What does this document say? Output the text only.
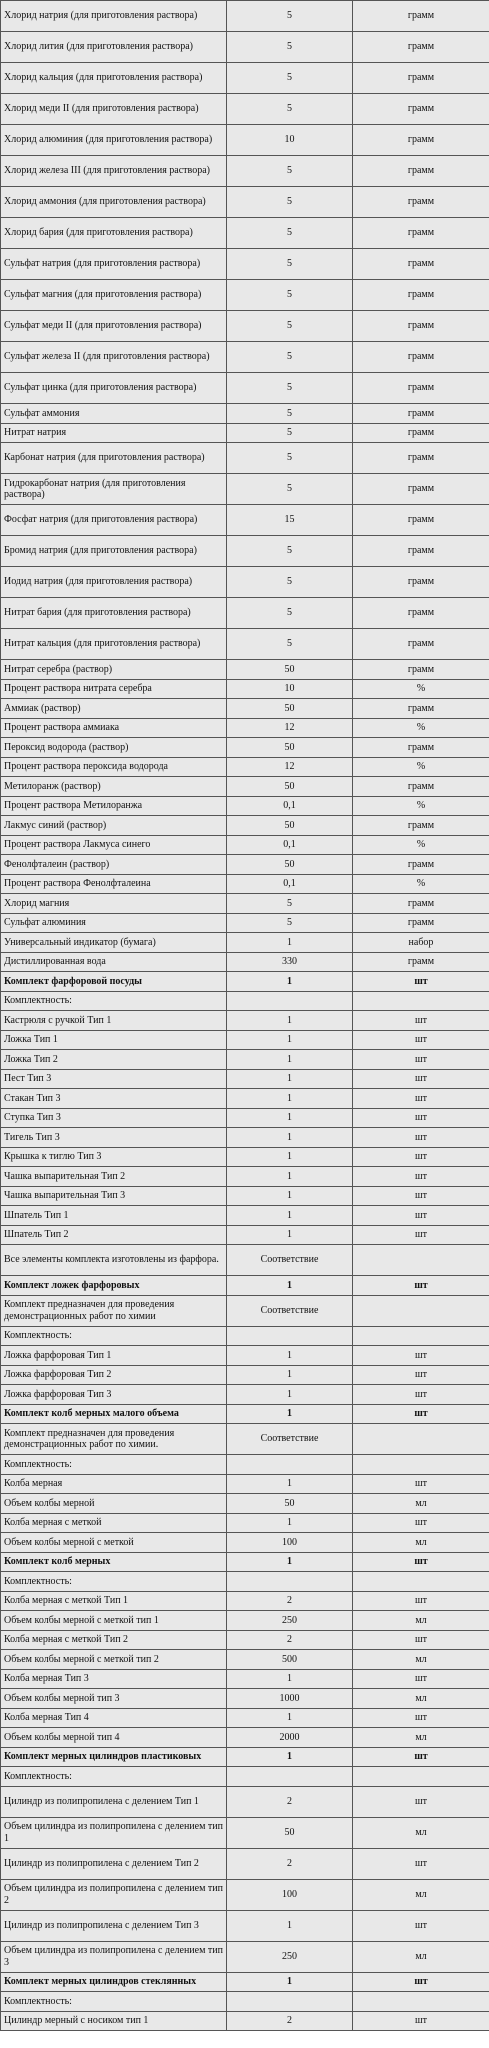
Хлорид натрия (для приготовления раствора)	5	грамм
Хлорид лития (для приготовления раствора)	5	грамм
Хлорид кальция (для приготовления раствора)	5	грамм
Хлорид меди II (для приготовления раствора)	5	грамм
Хлорид алюминия (для приготовления раствора)	10	грамм
Хлорид железа III (для приготовления раствора)	5	грамм
Хлорид аммония (для приготовления раствора)	5	грамм
Хлорид бария (для приготовления раствора)	5	грамм
Сульфат натрия (для приготовления раствора)	5	грамм
Сульфат магния (для приготовления раствора)	5	грамм
Сульфат меди II (для приготовления раствора)	5	грамм
Сульфат железа II (для приготовления раствора)	5	грамм
Сульфат цинка (для приготовления раствора)	5	грамм
Сульфат аммония	5	грамм
Нитрат натрия	5	грамм
Карбонат натрия (для приготовления раствора)	5	грамм
Гидрокарбонат натрия (для приготовления раствора)	5	грамм
Фосфат натрия (для приготовления раствора)	15	грамм
Бромид натрия (для приготовления раствора)	5	грамм
Иодид натрия (для приготовления раствора)	5	грамм
Нитрат бария (для приготовления раствора)	5	грамм
Нитрат кальция (для приготовления раствора)	5	грамм
Нитрат серебра (раствор)	50	грамм
Процент раствора нитрата серебра	10	%
Аммиак (раствор)	50	грамм
Процент раствора аммиака	12	%
Пероксид водорода (раствор)	50	грамм
Процент раствора пероксида водорода	12	%
Метилоранж (раствор)	50	грамм
Процент раствора Метилоранжа	0,1	%
Лакмус синий (раствор)	50	грамм
Процент раствора Лакмуса синего	0,1	%
Фенолфталеин (раствор)	50	грамм
Процент раствора Фенолфталеина	0,1	%
Хлорид магния	5	грамм
Сульфат алюминия	5	грамм
Универсальный индикатор (бумага)	1	набор
Дистиллированная вода	330	грамм
Комплект фарфоровой посуды	1	шт
Комплектность:		
Кастрюля с ручкой Тип 1	1	шт
Ложка Тип 1	1	шт
Ложка Тип 2	1	шт
Пест Тип 3	1	шт
Стакан Тип 3	1	шт
Ступка Тип 3	1	шт
Тигель Тип 3	1	шт
Крышка к тиглю Тип 3	1	шт
Чашка выпарительная Тип 2	1	шт
Чашка выпарительная Тип 3	1	шт
Шпатель Тип 1	1	шт
Шпатель Тип 2	1	шт
Все элементы комплекта изготовлены из фарфора.	Соответствие	
Комплект ложек фарфоровых	1	шт
Комплект предназначен для проведения демонстрационных работ по химии	Соответствие	
Комплектность:		
Ложка фарфоровая Тип 1	1	шт
Ложка фарфоровая Тип 2	1	шт
Ложка фарфоровая Тип 3	1	шт
Комплект колб мерных малого объема	1	шт
Комплект предназначен для проведения демонстрационных работ по химии.	Соответствие	
Комплектность:		
Колба мерная	1	шт
Объем колбы мерной	50	мл
Колба мерная с меткой	1	шт
Объем колбы мерной с меткой	100	мл
Комплект колб мерных	1	шт
Комплектность:		
Колба мерная с меткой Тип 1	2	шт
Объем колбы мерной с меткой тип 1	250	мл
Колба мерная с меткой Тип 2	2	шт
Объем колбы мерной с меткой тип 2	500	мл
Колба мерная Тип 3	1	шт
Объем колбы мерной тип 3	1000	мл
Колба мерная Тип 4	1	шт
Объем колбы мерной тип 4	2000	мл
Комплект мерных цилиндров пластиковых	1	шт
Комплектность:		
Цилиндр из полипропилена с делением Тип 1	2	шт
Объем цилиндра из полипропилена с делением тип 1	50	мл
Цилиндр из полипропилена с делением Тип 2	2	шт
Объем цилиндра из полипропилена с делением тип 2	100	мл
Цилиндр из полипропилена с делением Тип 3	1	шт
Объем цилиндра из полипропилена с делением тип 3	250	мл
Комплект мерных цилиндров стеклянных	1	шт
Комплектность:		
Цилиндр мерный с носиком тип 1	2	шт
